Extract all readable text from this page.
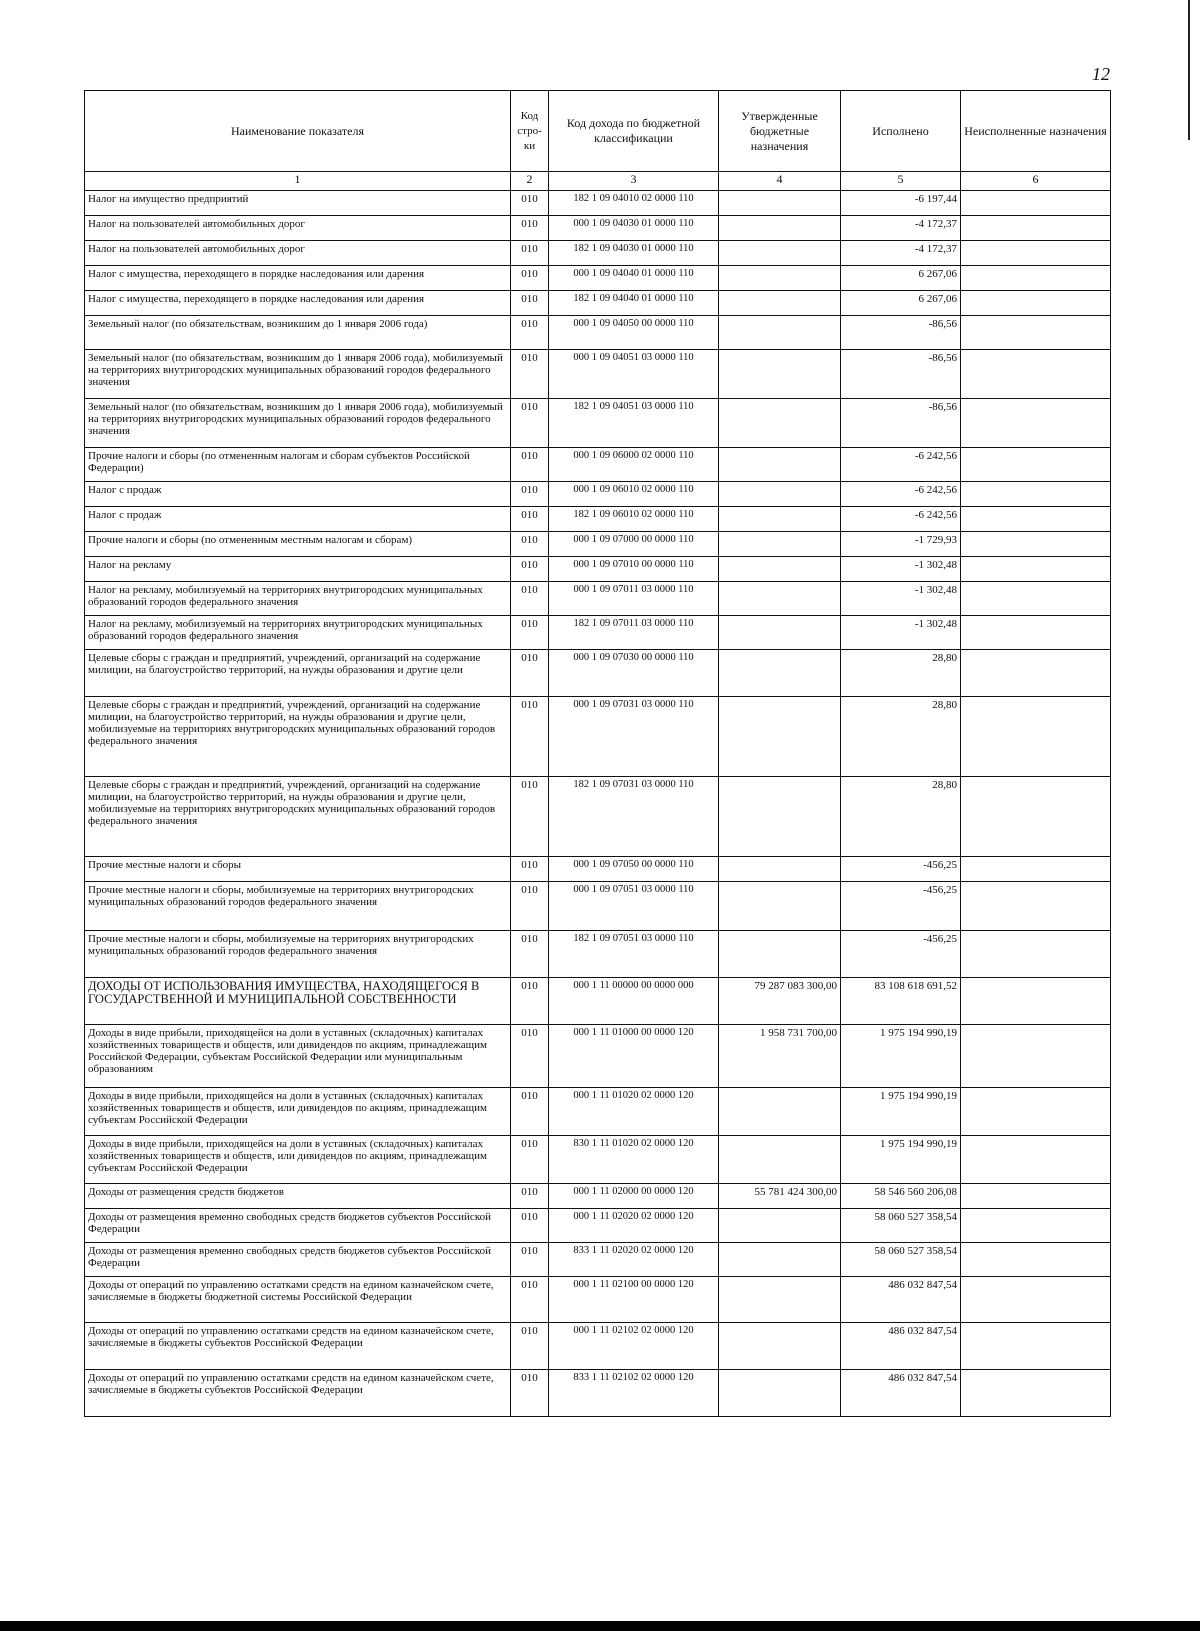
12
Наименование показателя	Код стро-ки	Код дохода по бюджетной классификации	Утвержденные бюджетные назначения	Исполнено	Неисполненные назначения
1	2	3	4	5	6
Налог на имущество предприятий	010	182 1 09 04010 02 0000 110		-6 197,44	
Налог на пользователей автомобильных дорог	010	000 1 09 04030 01 0000 110		-4 172,37	
Налог на пользователей автомобильных дорог	010	182 1 09 04030 01 0000 110		-4 172,37	
Налог с имущества, переходящего в порядке наследования или дарения	010	000 1 09 04040 01 0000 110		6 267,06	
Налог с имущества, переходящего в порядке наследования или дарения	010	182 1 09 04040 01 0000 110		6 267,06	
Земельный налог (по обязательствам, возникшим до 1 января 2006 года)	010	000 1 09 04050 00 0000 110		-86,56	
Земельный налог (по обязательствам, возникшим до 1 января 2006 года), мобилизуемый на территориях внутригородских муниципальных образований городов федерального значения	010	000 1 09 04051 03 0000 110		-86,56	
Земельный налог (по обязательствам, возникшим до 1 января 2006 года), мобилизуемый на территориях внутригородских муниципальных образований городов федерального значения	010	182 1 09 04051 03 0000 110		-86,56	
Прочие налоги и сборы (по отмененным налогам и сборам субъектов Российской Федерации)	010	000 1 09 06000 02 0000 110		-6 242,56	
Налог с продаж	010	000 1 09 06010 02 0000 110		-6 242,56	
Налог с продаж	010	182 1 09 06010 02 0000 110		-6 242,56	
Прочие налоги и сборы (по отмененным местным налогам и сборам)	010	000 1 09 07000 00 0000 110		-1 729,93	
Налог на рекламу	010	000 1 09 07010 00 0000 110		-1 302,48	
Налог на рекламу, мобилизуемый на территориях внутригородских муниципальных образований городов федерального значения	010	000 1 09 07011 03 0000 110		-1 302,48	
Налог на рекламу, мобилизуемый на территориях внутригородских муниципальных образований городов федерального значения	010	182 1 09 07011 03 0000 110		-1 302,48	
Целевые сборы с граждан и предприятий, учреждений, организаций на содержание милиции, на благоустройство территорий, на нужды образования и другие цели	010	000 1 09 07030 00 0000 110		28,80	
Целевые сборы с граждан и предприятий, учреждений, организаций на содержание милиции, на благоустройство территорий, на нужды образования и другие цели, мобилизуемые на территориях внутригородских муниципальных образований городов федерального значения	010	000 1 09 07031 03 0000 110		28,80	
Целевые сборы с граждан и предприятий, учреждений, организаций на содержание милиции, на благоустройство территорий, на нужды образования и другие цели, мобилизуемые на территориях внутригородских муниципальных образований городов федерального значения	010	182 1 09 07031 03 0000 110		28,80	
Прочие местные налоги и сборы	010	000 1 09 07050 00 0000 110		-456,25	
Прочие местные налоги и сборы, мобилизуемые на территориях внутригородских муниципальных образований городов федерального значения	010	000 1 09 07051 03 0000 110		-456,25	
Прочие местные налоги и сборы, мобилизуемые на территориях внутригородских муниципальных образований городов федерального значения	010	182 1 09 07051 03 0000 110		-456,25	
ДОХОДЫ ОТ ИСПОЛЬЗОВАНИЯ ИМУЩЕСТВА, НАХОДЯЩЕГОСЯ В ГОСУДАРСТВЕННОЙ И МУНИЦИПАЛЬНОЙ СОБСТВЕННОСТИ	010	000 1 11 00000 00 0000 000	79 287 083 300,00	83 108 618 691,52	
Доходы в виде прибыли, приходящейся на доли в уставных (складочных) капиталах хозяйственных товариществ и обществ, или дивидендов по акциям, принадлежащим Российской Федерации, субъектам Российской Федерации или муниципальным образованиям	010	000 1 11 01000 00 0000 120	1 958 731 700,00	1 975 194 990,19	
Доходы в виде прибыли, приходящейся на доли в уставных (складочных) капиталах хозяйственных товариществ и обществ, или дивидендов по акциям, принадлежащим субъектам Российской Федерации	010	000 1 11 01020 02 0000 120		1 975 194 990,19	
Доходы в виде прибыли, приходящейся на доли в уставных (складочных) капиталах хозяйственных товариществ и обществ, или дивидендов по акциям, принадлежащим субъектам Российской Федерации	010	830 1 11 01020 02 0000 120		1 975 194 990,19	
Доходы от размещения средств бюджетов	010	000 1 11 02000 00 0000 120	55 781 424 300,00	58 546 560 206,08	
Доходы от размещения временно свободных средств бюджетов субъектов Российской Федерации	010	000 1 11 02020 02 0000 120		58 060 527 358,54	
Доходы от размещения временно свободных средств бюджетов субъектов Российской Федерации	010	833 1 11 02020 02 0000 120		58 060 527 358,54	
Доходы от операций по управлению остатками средств на едином казначейском счете, зачисляемые в бюджеты бюджетной системы Российской Федерации	010	000 1 11 02100 00 0000 120		486 032 847,54	
Доходы от операций по управлению остатками средств на едином казначейском счете, зачисляемые в бюджеты субъектов Российской Федерации	010	000 1 11 02102 02 0000 120		486 032 847,54	
Доходы от операций по управлению остатками средств на едином казначейском счете, зачисляемые в бюджеты субъектов Российской Федерации	010	833 1 11 02102 02 0000 120		486 032 847,54	
